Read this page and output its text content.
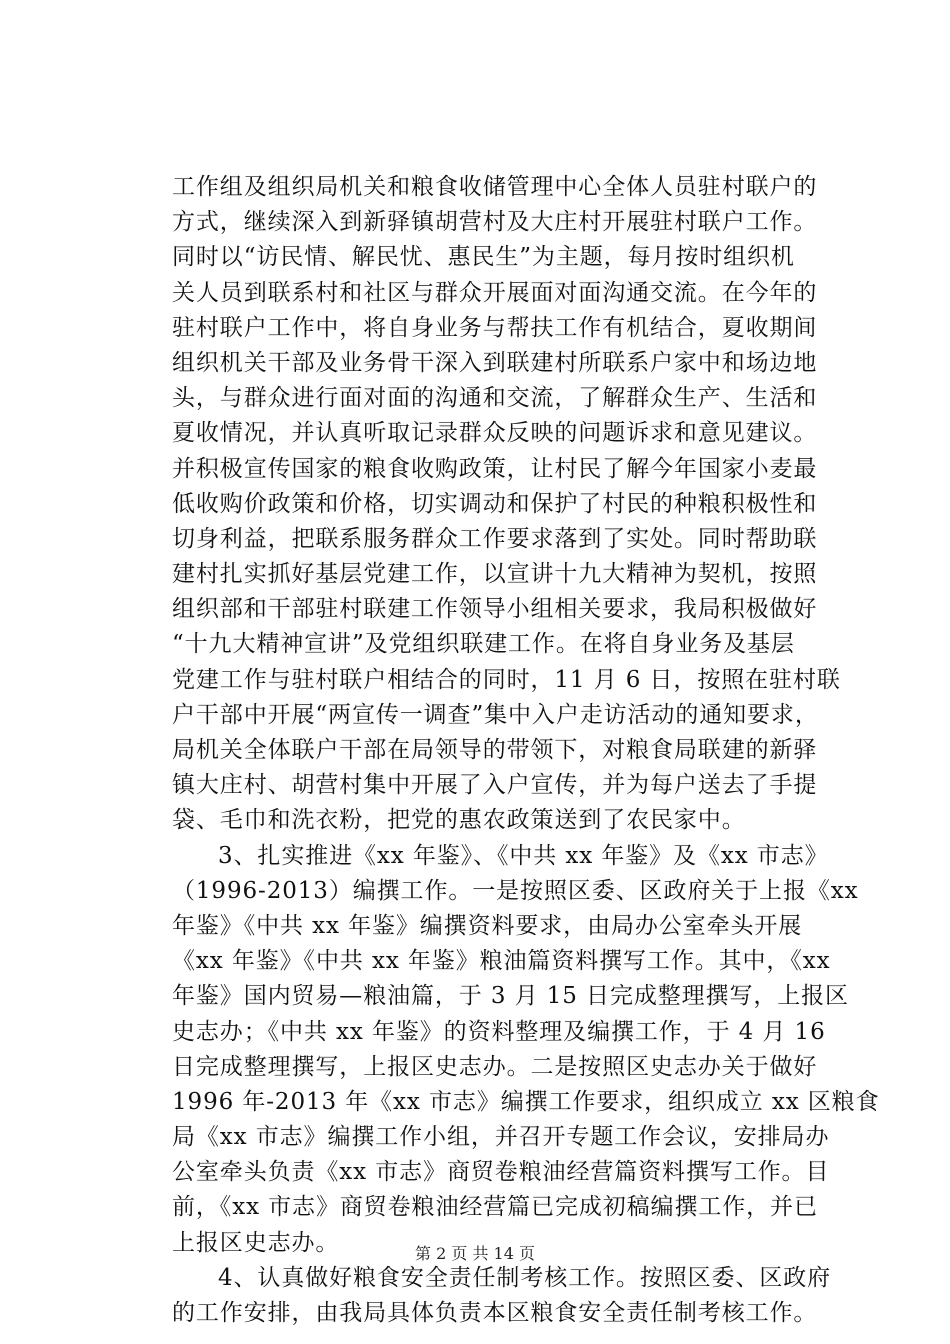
工作组及组织局机关和粮食收储管理中心全体人员驻村联户的
方式，继续深入到新驿镇胡营村及大庄村开展驻村联户工作。
同时以“访民情、解民忧、惠民生”为主题，每月按时组织机
关人员到联系村和社区与群众开展面对面沟通交流。在今年的
驻村联户工作中，将自身业务与帮扶工作有机结合，夏收期间
组织机关干部及业务骨干深入到联建村所联系户家中和场边地
头，与群众进行面对面的沟通和交流，了解群众生产、生活和
夏收情况，并认真听取记录群众反映的问题诉求和意见建议。
并积极宣传国家的粮食收购政策，让村民了解今年国家小麦最
低收购价政策和价格，切实调动和保护了村民的种粮积极性和
切身利益，把联系服务群众工作要求落到了实处。同时帮助联
建村扎实抓好基层党建工作，以宣讲十九大精神为契机，按照
组织部和干部驻村联建工作领导小组相关要求，我局积极做好
“十九大精神宣讲”及党组织联建工作。在将自身业务及基层
党建工作与驻村联户相结合的同时，11 月 6 日，按照在驻村联
户干部中开展“两宣传一调查”集中入户走访活动的通知要求，
局机关全体联户干部在局领导的带领下，对粮食局联建的新驿
镇大庄村、胡营村集中开展了入户宣传，并为每户送去了手提
袋、毛巾和洗衣粉，把党的惠农政策送到了农民家中。
3、扎实推进《xx 年鉴》、《中共 xx 年鉴》及《xx 市志》
（1996-2013）编撰工作。一是按照区委、区政府关于上报《xx
年鉴》《中共 xx 年鉴》编撰资料要求，由局办公室牵头开展
《xx 年鉴》《中共 xx 年鉴》粮油篇资料撰写工作。其中，《xx
年鉴》国内贸易—粮油篇，于 3 月 15 日完成整理撰写，上报区
史志办；《中共 xx 年鉴》的资料整理及编撰工作，于 4 月 16
日完成整理撰写，上报区史志办。二是按照区史志办关于做好
1996 年-2013 年《xx 市志》编撰工作要求，组织成立 xx 区粮食
局《xx 市志》编撰工作小组，并召开专题工作会议，安排局办
公室牵头负责《xx 市志》商贸卷粮油经营篇资料撰写工作。目
前，《xx 市志》商贸卷粮油经营篇已完成初稿编撰工作，并已
上报区史志办。
4、认真做好粮食安全责任制考核工作。按照区委、区政府
的工作安排，由我局具体负责本区粮食安全责任制考核工作。
第 2 页 共 14 页
